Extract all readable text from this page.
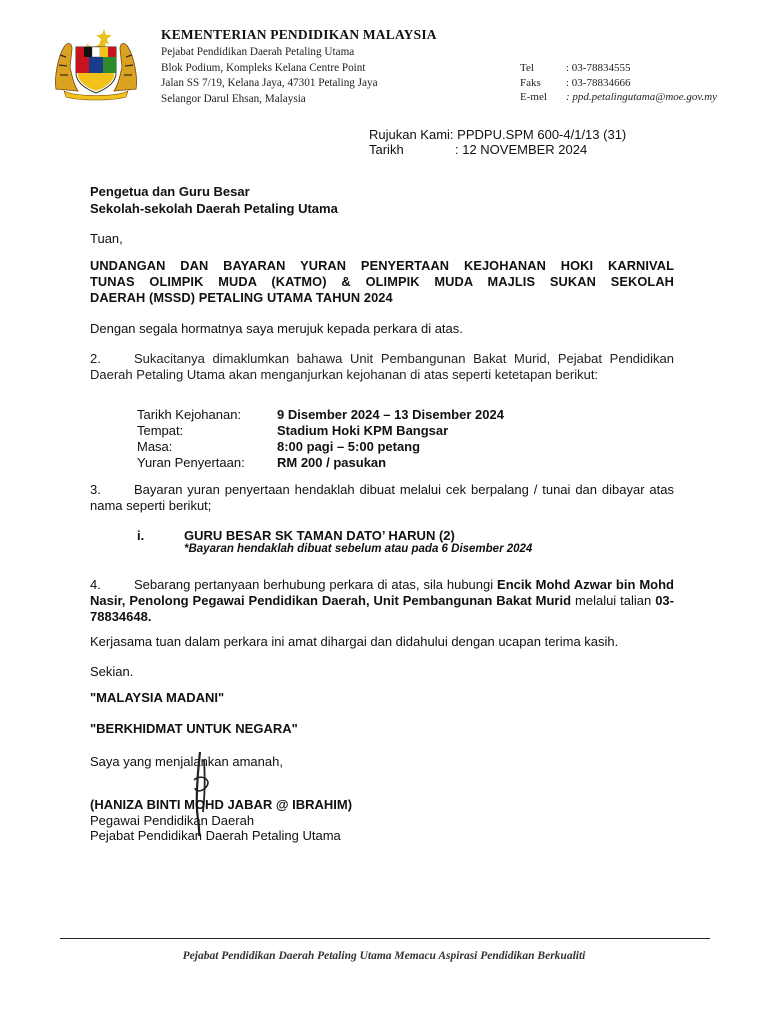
KEMENTERIAN PENDIDIKAN MALAYSIA
Pejabat Pendidikan Daerah Petaling Utama
Blok Podium, Kompleks Kelana Centre Point
Jalan SS 7/19, Kelana Jaya, 47301 Petaling Jaya
Selangor Darul Ehsan, Malaysia
Tel	: 03-78834555
Faks : 03-78834666
E-mel : ppd.petalingutama@moe.gov.my
Rujukan Kami: PPDPU.SPM 600-4/1/13 (31)
Tarikh	: 12 NOVEMBER 2024
Pengetua dan Guru Besar
Sekolah-sekolah Daerah Petaling Utama
Tuan,
UNDANGAN DAN BAYARAN YURAN PENYERTAAN KEJOHANAN HOKI KARNIVAL
TUNAS OLIMPIK MUDA (KATMO) & OLIMPIK MUDA MAJLIS SUKAN SEKOLAH
DAERAH (MSSD) PETALING UTAMA TAHUN 2024
Dengan segala hormatnya saya merujuk kepada perkara di atas.
2.	Sukacitanya dimaklumkan bahawa Unit Pembangunan Bakat Murid, Pejabat Pendidikan Daerah Petaling Utama akan menganjurkan kejohanan di atas seperti ketetapan berikut:
Tarikh Kejohanan:	9 Disember 2024 – 13 Disember 2024
Tempat:	Stadium Hoki KPM Bangsar
Masa:	8:00 pagi – 5:00 petang
Yuran Penyertaan:	RM 200 / pasukan
3.	Bayaran yuran penyertaan hendaklah dibuat melalui cek berpalang / tunai dan dibayar atas nama seperti berikut;
i.	GURU BESAR SK TAMAN DATO’ HARUN (2)
*Bayaran hendaklah dibuat sebelum atau pada 6 Disember 2024
4.	Sebarang pertanyaan berhubung perkara di atas, sila hubungi Encik Mohd Azwar bin Mohd Nasir, Penolong Pegawai Pendidikan Daerah, Unit Pembangunan Bakat Murid melalui talian 03-78834648.
Kerjasama tuan dalam perkara ini amat dihargai dan didahului dengan ucapan terima kasih.
Sekian.
"MALAYSIA MADANI"
"BERKHIDMAT UNTUK NEGARA"
Saya yang menjalankan amanah,
(HANIZA BINTI MOHD JABAR @ IBRAHIM)
Pegawai Pendidikan Daerah
Pejabat Pendidikan Daerah Petaling Utama
Pejabat Pendidikan Daerah Petaling Utama Memacu Aspirasi Pendidikan Berkualiti
